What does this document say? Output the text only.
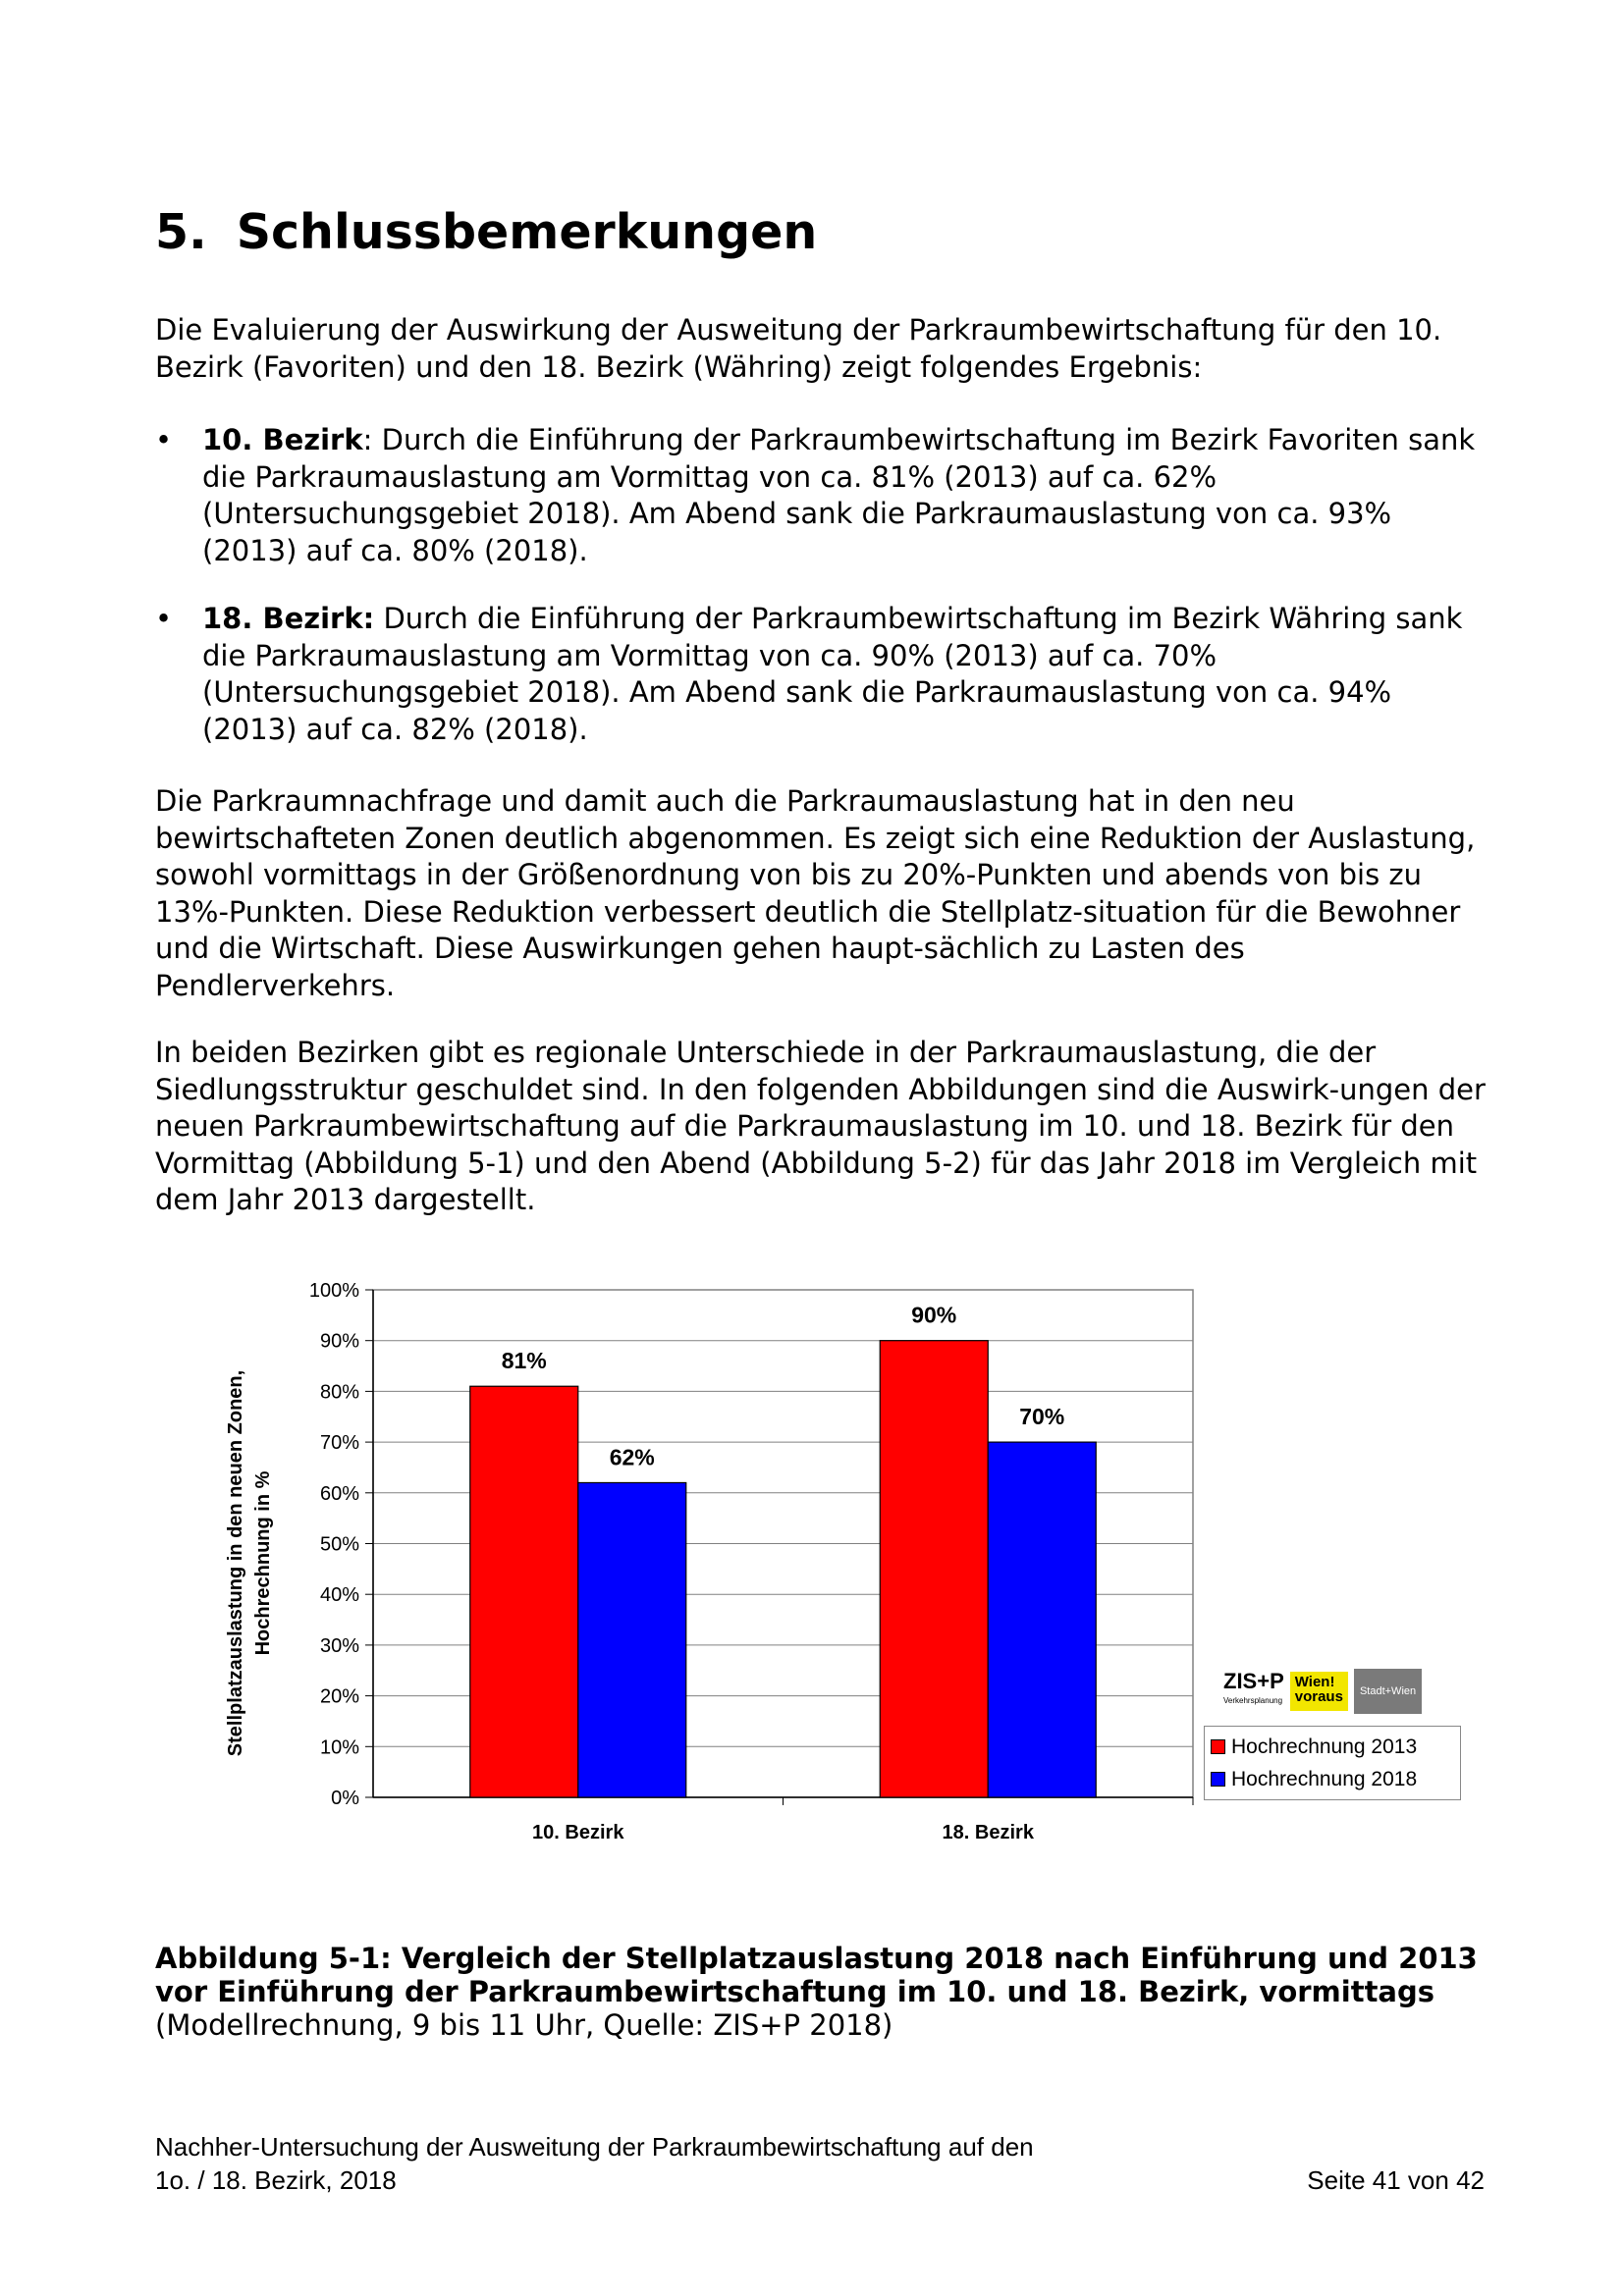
5. Schlussbemerkungen

Die Evaluierung der Auswirkung der Ausweitung der Parkraumbewirtschaftung für den 10. Bezirk (Favoriten) und den 18. Bezirk (Währing) zeigt folgendes Ergebnis:

• 10. Bezirk: Durch die Einführung der Parkraumbewirtschaftung im Bezirk Favoriten sank die Parkraumauslastung am Vormittag von ca. 81% (2013) auf ca. 62% (Untersuchungsgebiet 2018). Am Abend sank die Parkraumauslastung von ca. 93% (2013) auf ca. 80% (2018).
• 18. Bezirk: Durch die Einführung der Parkraumbewirtschaftung im Bezirk Währing sank die Parkraumauslastung am Vormittag von ca. 90% (2013) auf ca. 70% (Untersuchungsgebiet 2018). Am Abend sank die Parkraumauslastung von ca. 94% (2013) auf ca. 82% (2018).

Die Parkraumnachfrage und damit auch die Parkraumauslastung hat in den neu bewirtschafteten Zonen deutlich abgenommen. Es zeigt sich eine Reduktion der Auslastung, sowohl vormittags in der Größenordnung von bis zu 20%-Punkten und abends von bis zu 13%-Punkten. Diese Reduktion verbessert deutlich die Stellplatz-situation für die Bewohner und die Wirtschaft. Diese Auswirkungen gehen haupt-sächlich zu Lasten des Pendlerverkehrs.

In beiden Bezirken gibt es regionale Unterschiede in der Parkraumauslastung, die der Siedlungsstruktur geschuldet sind. In den folgenden Abbildungen sind die Auswirk-ungen der neuen Parkraumbewirtschaftung auf die Parkraumauslastung im 10. und 18. Bezirk für den Vormittag (Abbildung 5-1) und den Abend (Abbildung 5-2) für das Jahr 2018 im Vergleich mit dem Jahr 2013 dargestellt.

0%
10%
20%
30%
40%
50%
60%
70%
80%
90%
100%
10. Bezirk
81%
62%
18. Bezirk
90%
70%
Stellplatzauslastung in den neuen Zonen, Hochrechnung in %
ZIS+P
Verkehrsplanung
Wien!
voraus	Stadt+Wien
Hochrechnung 2013
Hochrechnung 2018
Abbildung 5-1: Vergleich der Stellplatzauslastung 2018 nach Einführung und 2013 vor Einführung der Parkraumbewirtschaftung im 10. und 18. Bezirk, vormittags
(Modellrechnung, 9 bis 11 Uhr, Quelle: ZIS+P 2018)
Nachher-Untersuchung der Ausweitung der Parkraumbewirtschaftung auf den
1o. / 18. Bezirk, 2018	Seite 41 von 42
